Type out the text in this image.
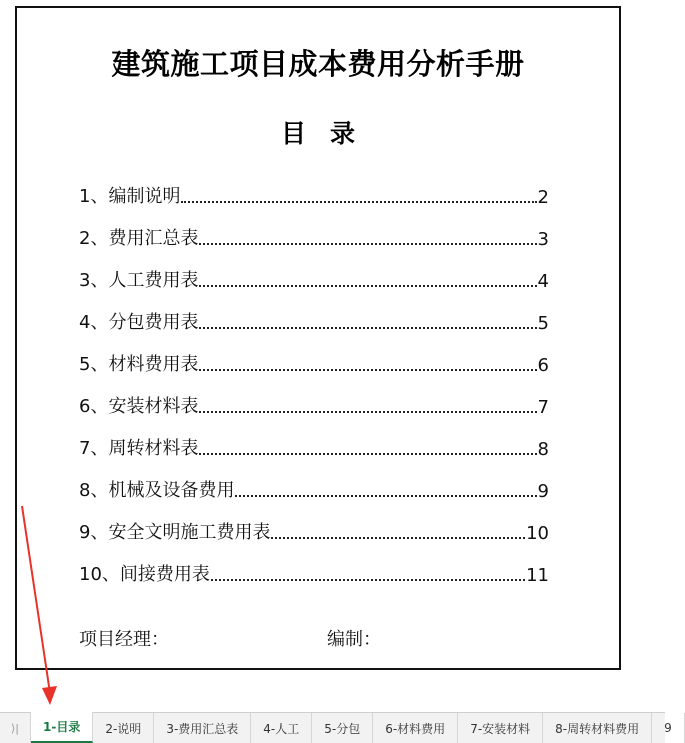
建筑施工项目成本费用分析手册
目录
1、编制说明	2
2、费用汇总表	3
3、人工费用表	4
4、分包费用表	5
5、材料费用表	6
6、安装材料表	7
7、周转材料表	8
8、机械及设备费用	9
9、安全文明施工费用表	10
10、间接费用表	11
项目经理：	编制：
⟩|	1-目录	2-说明	3-费用汇总表	4-人工	5-分包	6-材料费用	7-安装材料	8-周转材料费用	9
